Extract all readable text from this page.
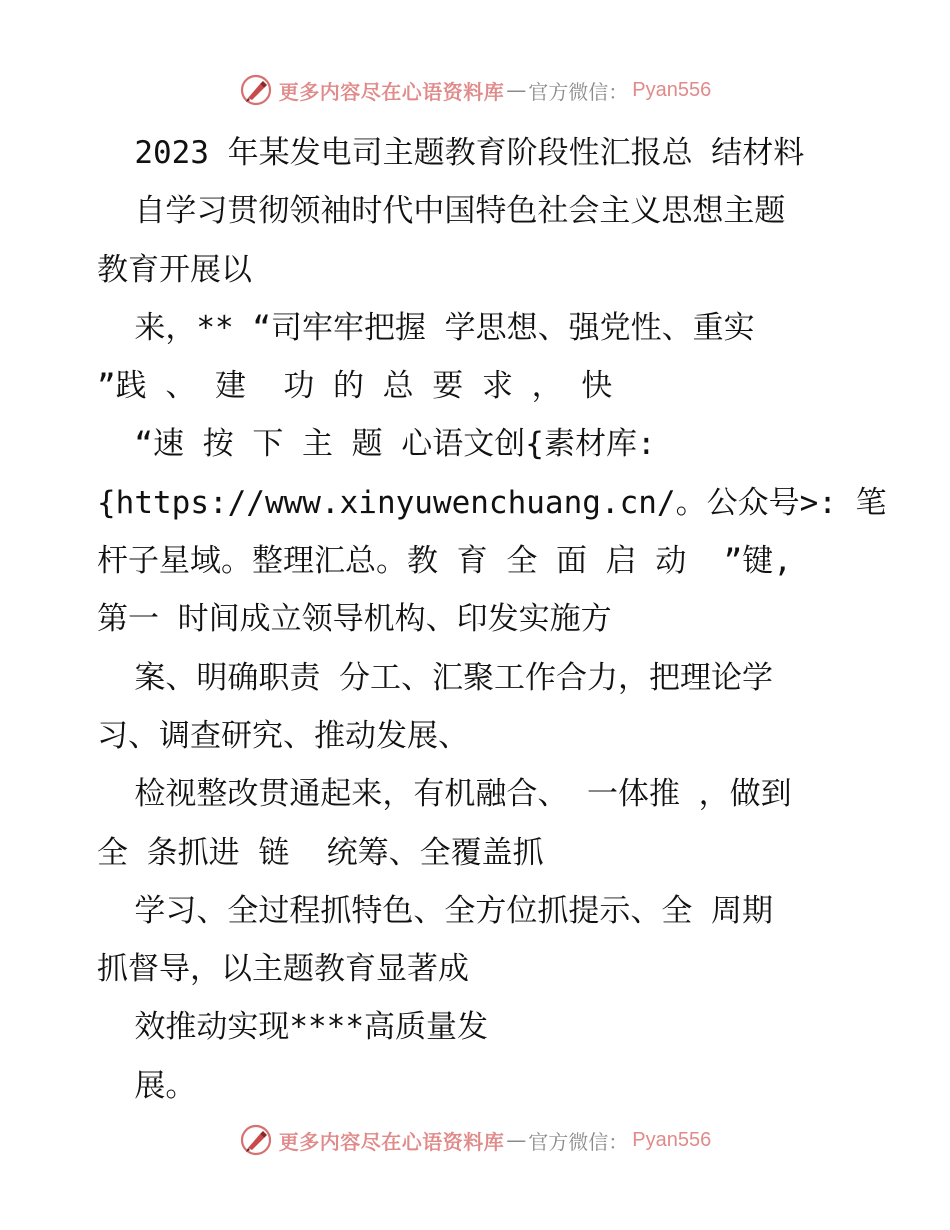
更多内容尽在心语资料库 — 官方微信： Pyan556
2023 年某发电司主题教育阶段性汇报总 结材料
自学习贯彻领袖时代中国特色社会主义思想主题
教育开展以
来，** “司牢牢把握 学思想、强党性、重实
”践 、 建  功 的 总 要 求 ， 快
“速 按 下 主 题 心语文创{素材库:
{https://www.xinyuwenchuang.cn/。公众号>: 笔
杆子星域。整理汇总。教 育 全 面 启 动  ”键,
第一 时间成立领导机构、印发实施方
案、明确职责 分工、汇聚工作合力，把理论学
习、调查研究、推动发展、
检视整改贯通起来，有机融合、 一体推 ，做到
全 条抓进 链  统筹、全覆盖抓
学习、全过程抓特色、全方位抓提示、全 周期
抓督导，以主题教育显著成
效推动实现****高质量发
展。
更多内容尽在心语资料库 — 官方微信： Pyan556
